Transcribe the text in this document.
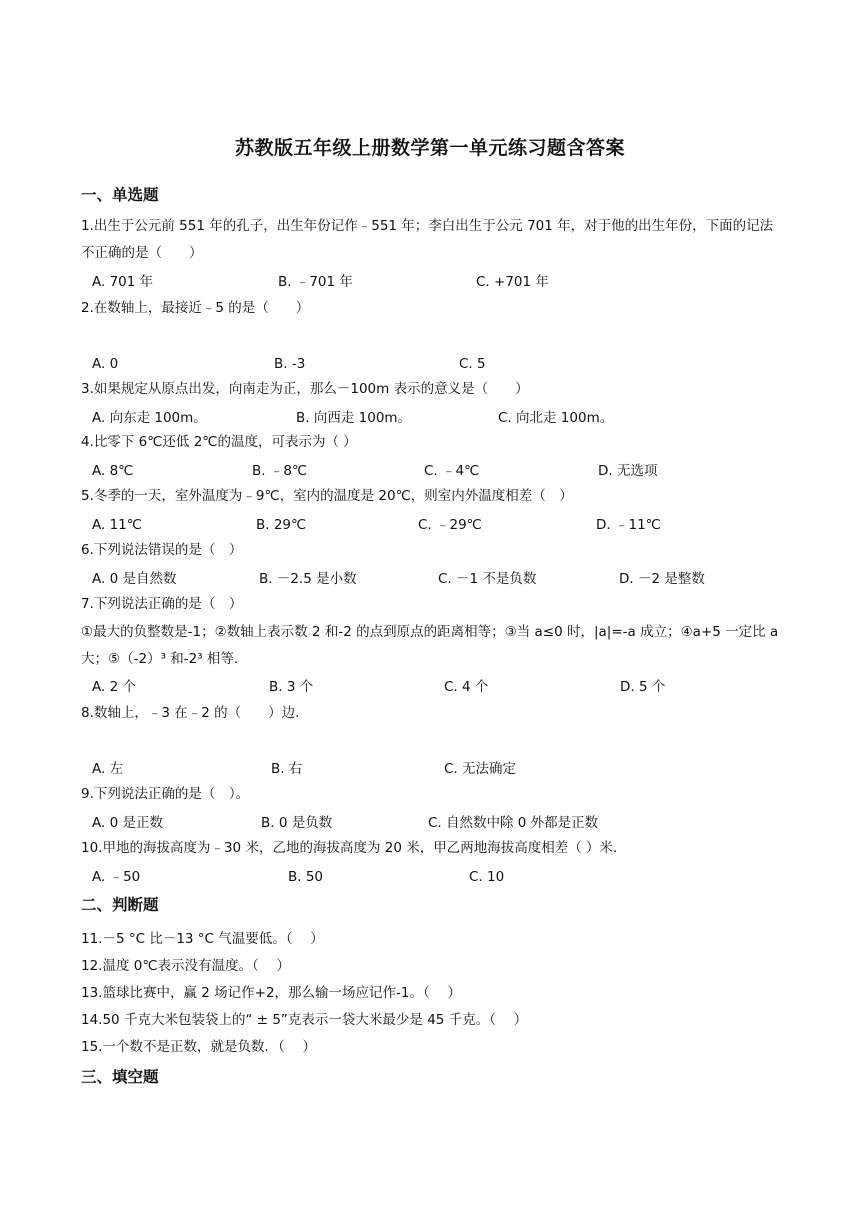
苏教版五年级上册数学第一单元练习题含答案
一、单选题
1.出生于公元前 551 年的孔子，出生年份记作﹣551 年；李白出生于公元 701 年，对于他的出生年份，下面的记法不正确的是（　　）
A. 701 年	B. ﹣701 年	C. +701 年
2.在数轴上，最接近﹣5 的是（　　）
A. 0	B. -3	C. 5
3.如果规定从原点出发，向南走为正，那么－100m 表示的意义是（　　）
A. 向东走 100m。	B. 向西走 100m。	C. 向北走 100m。
4.比零下 6℃还低 2℃的温度，可表示为（ ）
A. 8℃	B. ﹣8℃	C. ﹣4℃	D. 无选项
5.冬季的一天，室外温度为﹣9℃，室内的温度是 20℃，则室内外温度相差（　）
A. 11℃	B. 29℃	C. ﹣29℃	D. ﹣11℃
6.下列说法错误的是（　）
A. 0 是自然数	B. －2.5 是小数	C. －1 不是负数	D. －2 是整数
7.下列说法正确的是（　）
①最大的负整数是-1；②数轴上表示数 2 和-2 的点到原点的距离相等；③当 a≤0 时，|a|=-a 成立；④a+5 一定比 a 大；⑤（-2）³ 和-2³ 相等.
A. 2 个	B. 3 个	C. 4 个	D. 5 个
8.数轴上，﹣3 在﹣2 的（　　）边.
A. 左	B. 右	C. 无法确定
9.下列说法正确的是（　）。
A. 0 是正数	B. 0 是负数	C. 自然数中除 0 外都是正数
10.甲地的海拔高度为﹣30 米，乙地的海拔高度为 20 米，甲乙两地海拔高度相差（ ）米.
A. ﹣50	B. 50	C. 10
二、判断题
11.－5 °C 比－13 °C 气温要低。（　 ）
12.温度 0℃表示没有温度。（　 ）
13.篮球比赛中，赢 2 场记作+2，那么输一场应记作-1。（　 ）
14.50 千克大米包装袋上的“ ± 5”克表示一袋大米最少是 45 千克。（　 ）
15.一个数不是正数，就是负数．（　 ）
三、填空题
